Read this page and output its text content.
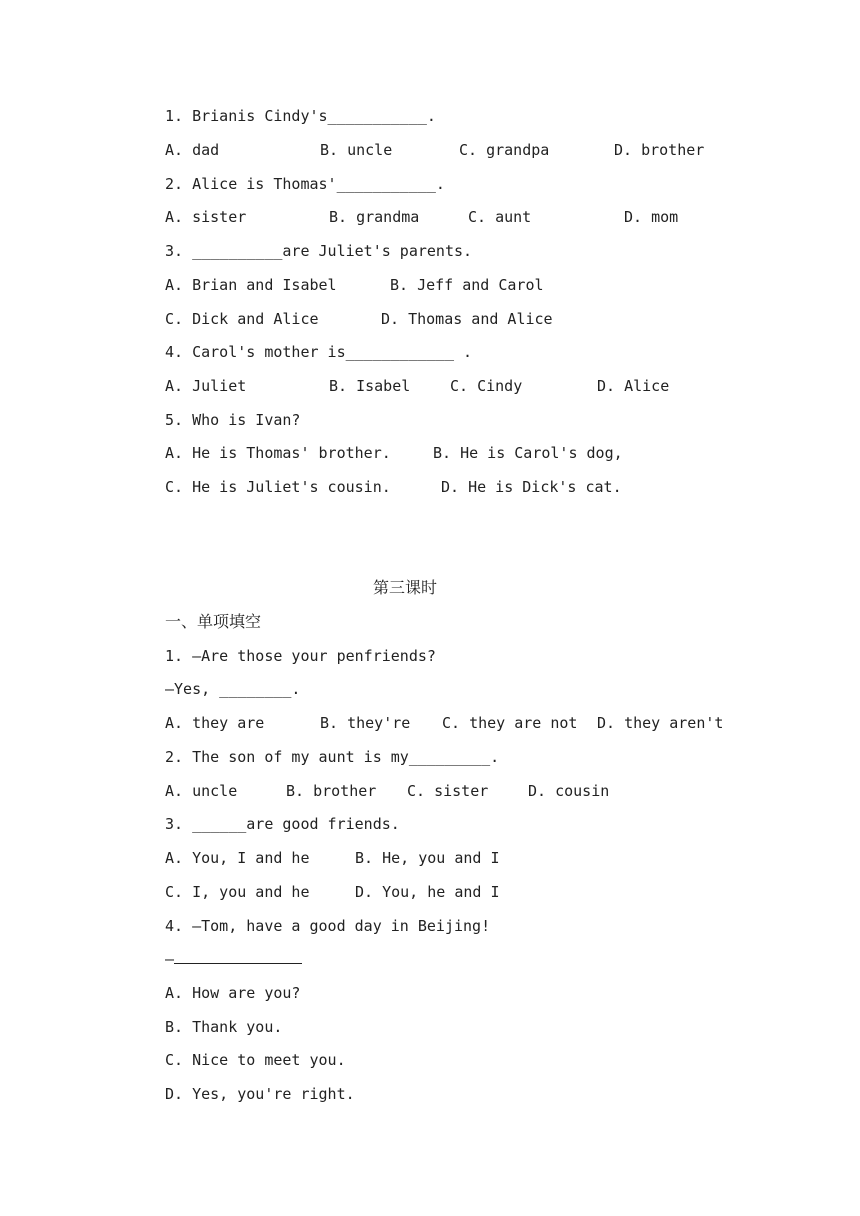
1. Brianis Cindy's___________.
A. dad	B. uncle	C. grandpa	D. brother
2. Alice is Thomas'___________.
A. sister	B. grandma	C. aunt	D. mom
3. __________are Juliet's parents.
A. Brian and Isabel	B. Jeff and Carol
C. Dick and Alice	D. Thomas and Alice
4. Carol's mother is____________ .
A. Juliet	B. Isabel	C. Cindy	D. Alice
5. Who is Ivan?
A. He is Thomas' brother.	B. He is Carol's dog,
C. He is Juliet's cousin.	D. He is Dick's cat.
第三课时
一、单项填空
1. —Are those your penfriends?
—Yes, ________.
A. they are	B. they're C. they are not D. they aren't
2. The son of my aunt is my_________.
A. uncle	B. brother C. sister	D. cousin
3. ______are good friends.
A. You, I and he	B. He, you and I
C. I, you and he	D. You, he and I
4. —Tom, have a good day in Beijing!
—
A. How are you?
B. Thank you.
C. Nice to meet you.
D. Yes, you're right.
